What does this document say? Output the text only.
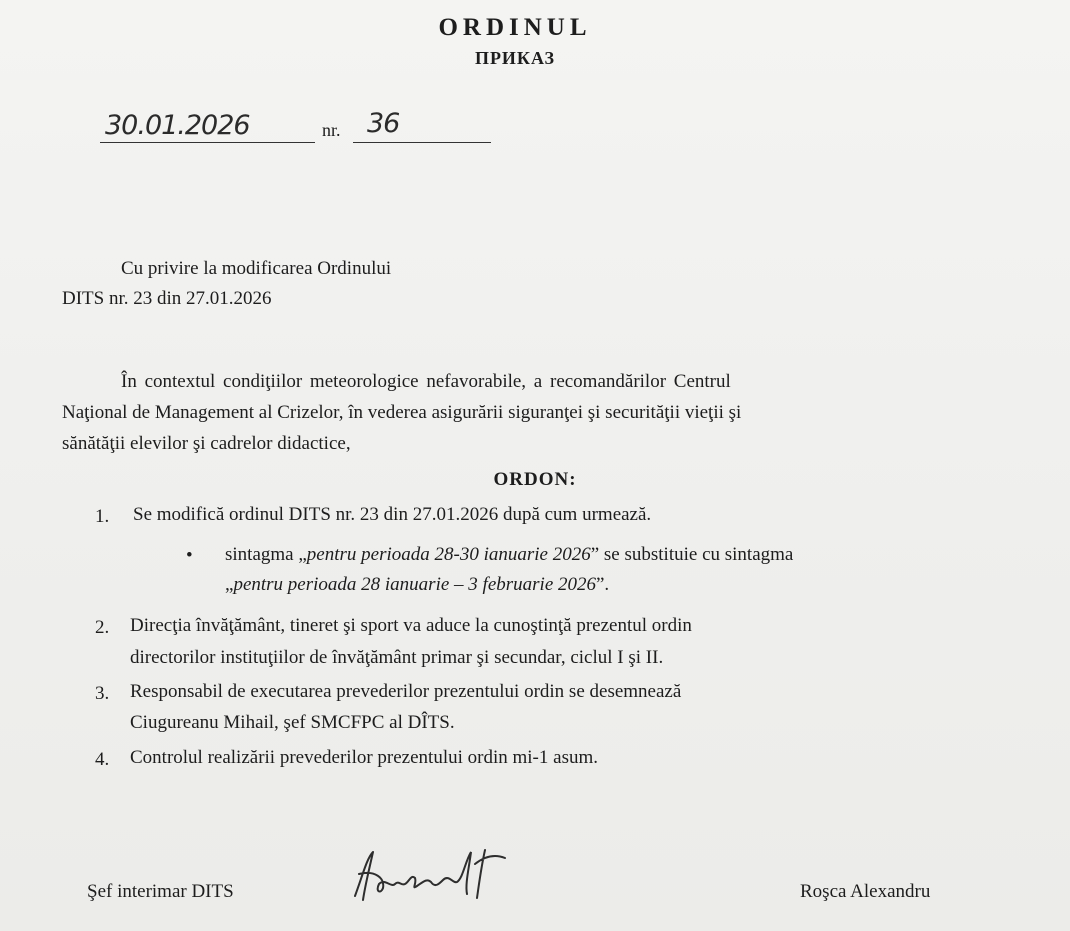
ORDINUL
ПРИКАЗ
30.01.2026	nr. 36
Cu privire la modificarea Ordinului
DITS nr. 23 din 27.01.2026
În contextul condiţiilor meteorologice nefavorabile, a recomandărilor Centrul
Naţional de Management al Crizelor, în vederea asigurării siguranţei şi securităţii vieţii şi
sănătăţii elevilor şi cadrelor didactice,
ORDON:
1. Se modifică ordinul DITS nr. 23 din 27.01.2026 după cum urmează.
• sintagma „pentru perioada 28-30 ianuarie 2026” se substituie cu sintagma
„pentru perioada 28 ianuarie – 3 februarie 2026”.
2. Direcţia învăţământ, tineret şi sport va aduce la cunoştinţă prezentul ordin
directorilor instituţiilor de învăţământ primar şi secundar, ciclul I şi II.
3. Responsabil de executarea prevederilor prezentului ordin se desemnează
Ciugureanu Mihail, şef SMCFPC al DÎTS.
4. Controlul realizării prevederilor prezentului ordin mi-1 asum.
Şef interimar DITS	Roşca Alexandru
